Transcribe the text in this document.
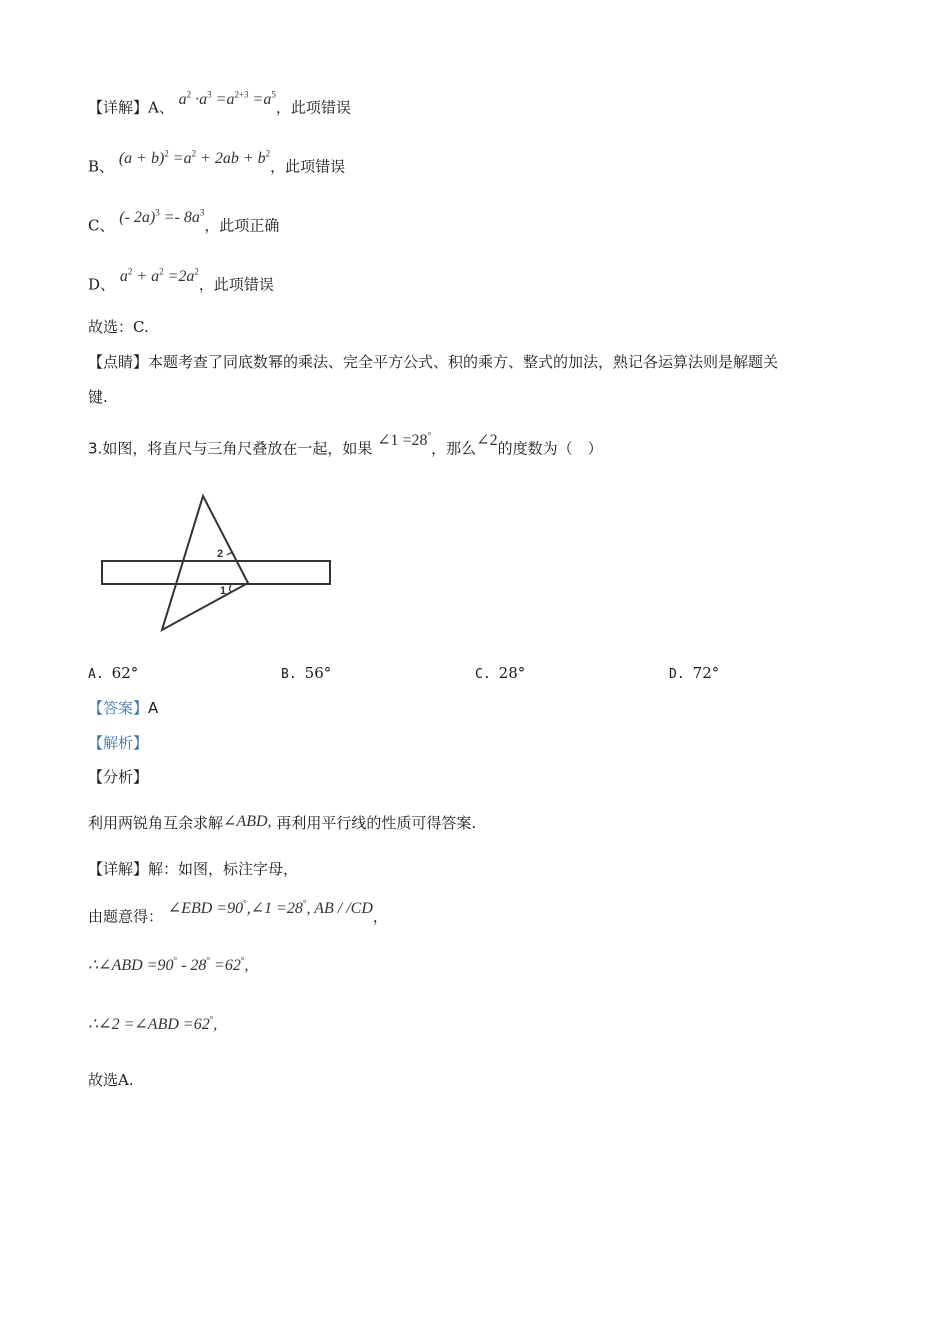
【详解】A、 $a^2 \cdot a^3 =a^{2+3} =a^5$，此项错误
B、 $(a + b)^2 =a^2 + 2ab + b^2$，此项错误
C、 (- $2a)^3 =- 8a^3$，此项正确
D、 $a^2 + a^2 =2a^2$，此项错误
故选：C.
【点睛】本题考查了同底数幂的乘法、完全平方公式、积的乘方、整式的加法，熟记各运算法则是解题关
键.
3.如图，将直尺与三角尺叠放在一起，如果 ∠1 =28°，那么∠2的度数为（　）
2
1
A. 62°	B. 56°	C. 28°	D. 72°
【答案】A
【解析】
【分析】
利用两锐角互余求解∠ABD, 再利用平行线的性质可得答案.
【详解】解：如图，标注字母，
由题意得： ∠EBD =90°,∠1 =28°, AB / /CD，
∴∠ABD =90° - 28° =62°,
∴∠2 =∠ABD =62°,
故选A.
